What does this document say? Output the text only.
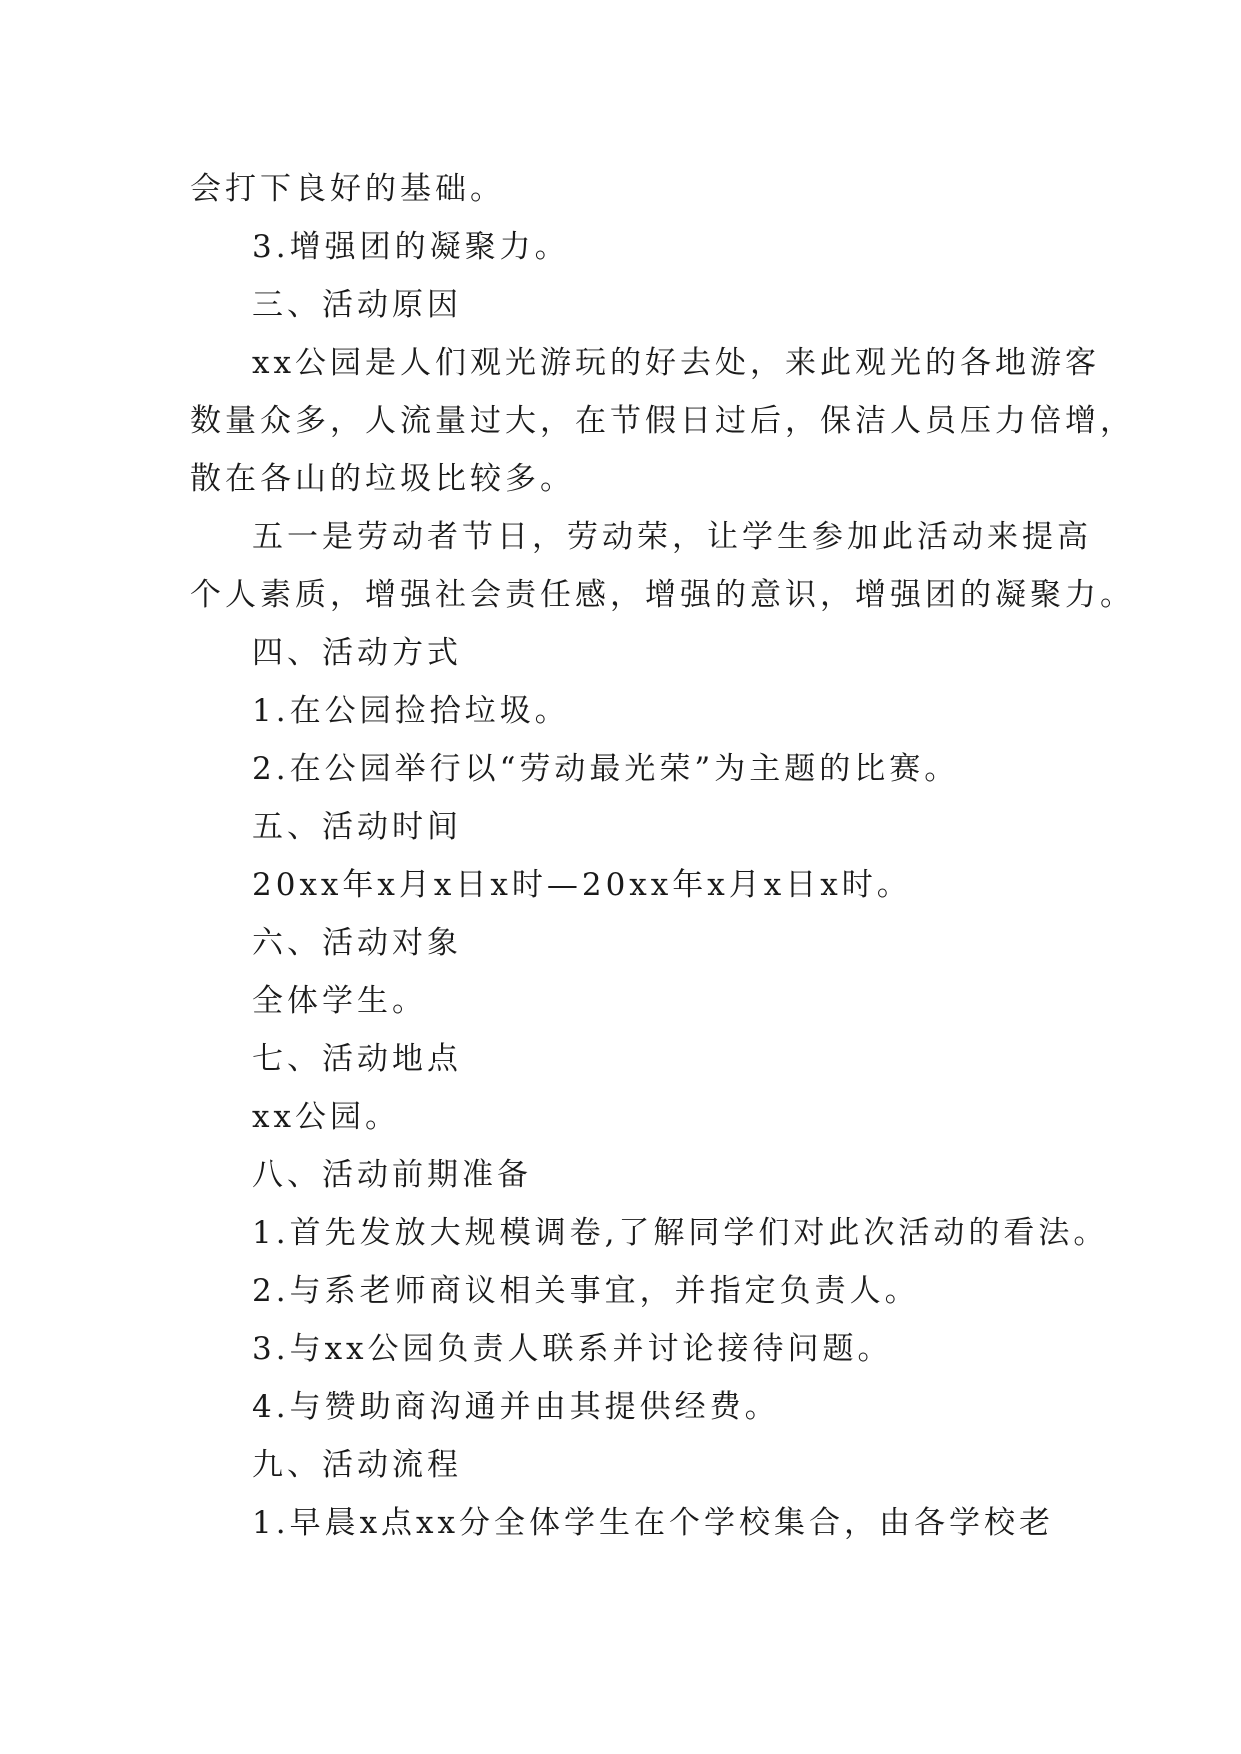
会打下良好的基础。
3.增强团的凝聚力。
三、活动原因
xx公园是人们观光游玩的好去处，来此观光的各地游客
数量众多，人流量过大，在节假日过后，保洁人员压力倍增，
散在各山的垃圾比较多。
五一是劳动者节日，劳动荣，让学生参加此活动来提高
个人素质，增强社会责任感，增强的意识，增强团的凝聚力。
四、活动方式
1.在公园捡拾垃圾。
2.在公园举行以“劳动最光荣”为主题的比赛。
五、活动时间
20xx年x月x日x时—20xx年x月x日x时。
六、活动对象
全体学生。
七、活动地点
xx公园。
八、活动前期准备
1.首先发放大规模调卷,了解同学们对此次活动的看法。
2.与系老师商议相关事宜，并指定负责人。
3.与xx公园负责人联系并讨论接待问题。
4.与赞助商沟通并由其提供经费。
九、活动流程
1.早晨x点xx分全体学生在个学校集合，由各学校老
